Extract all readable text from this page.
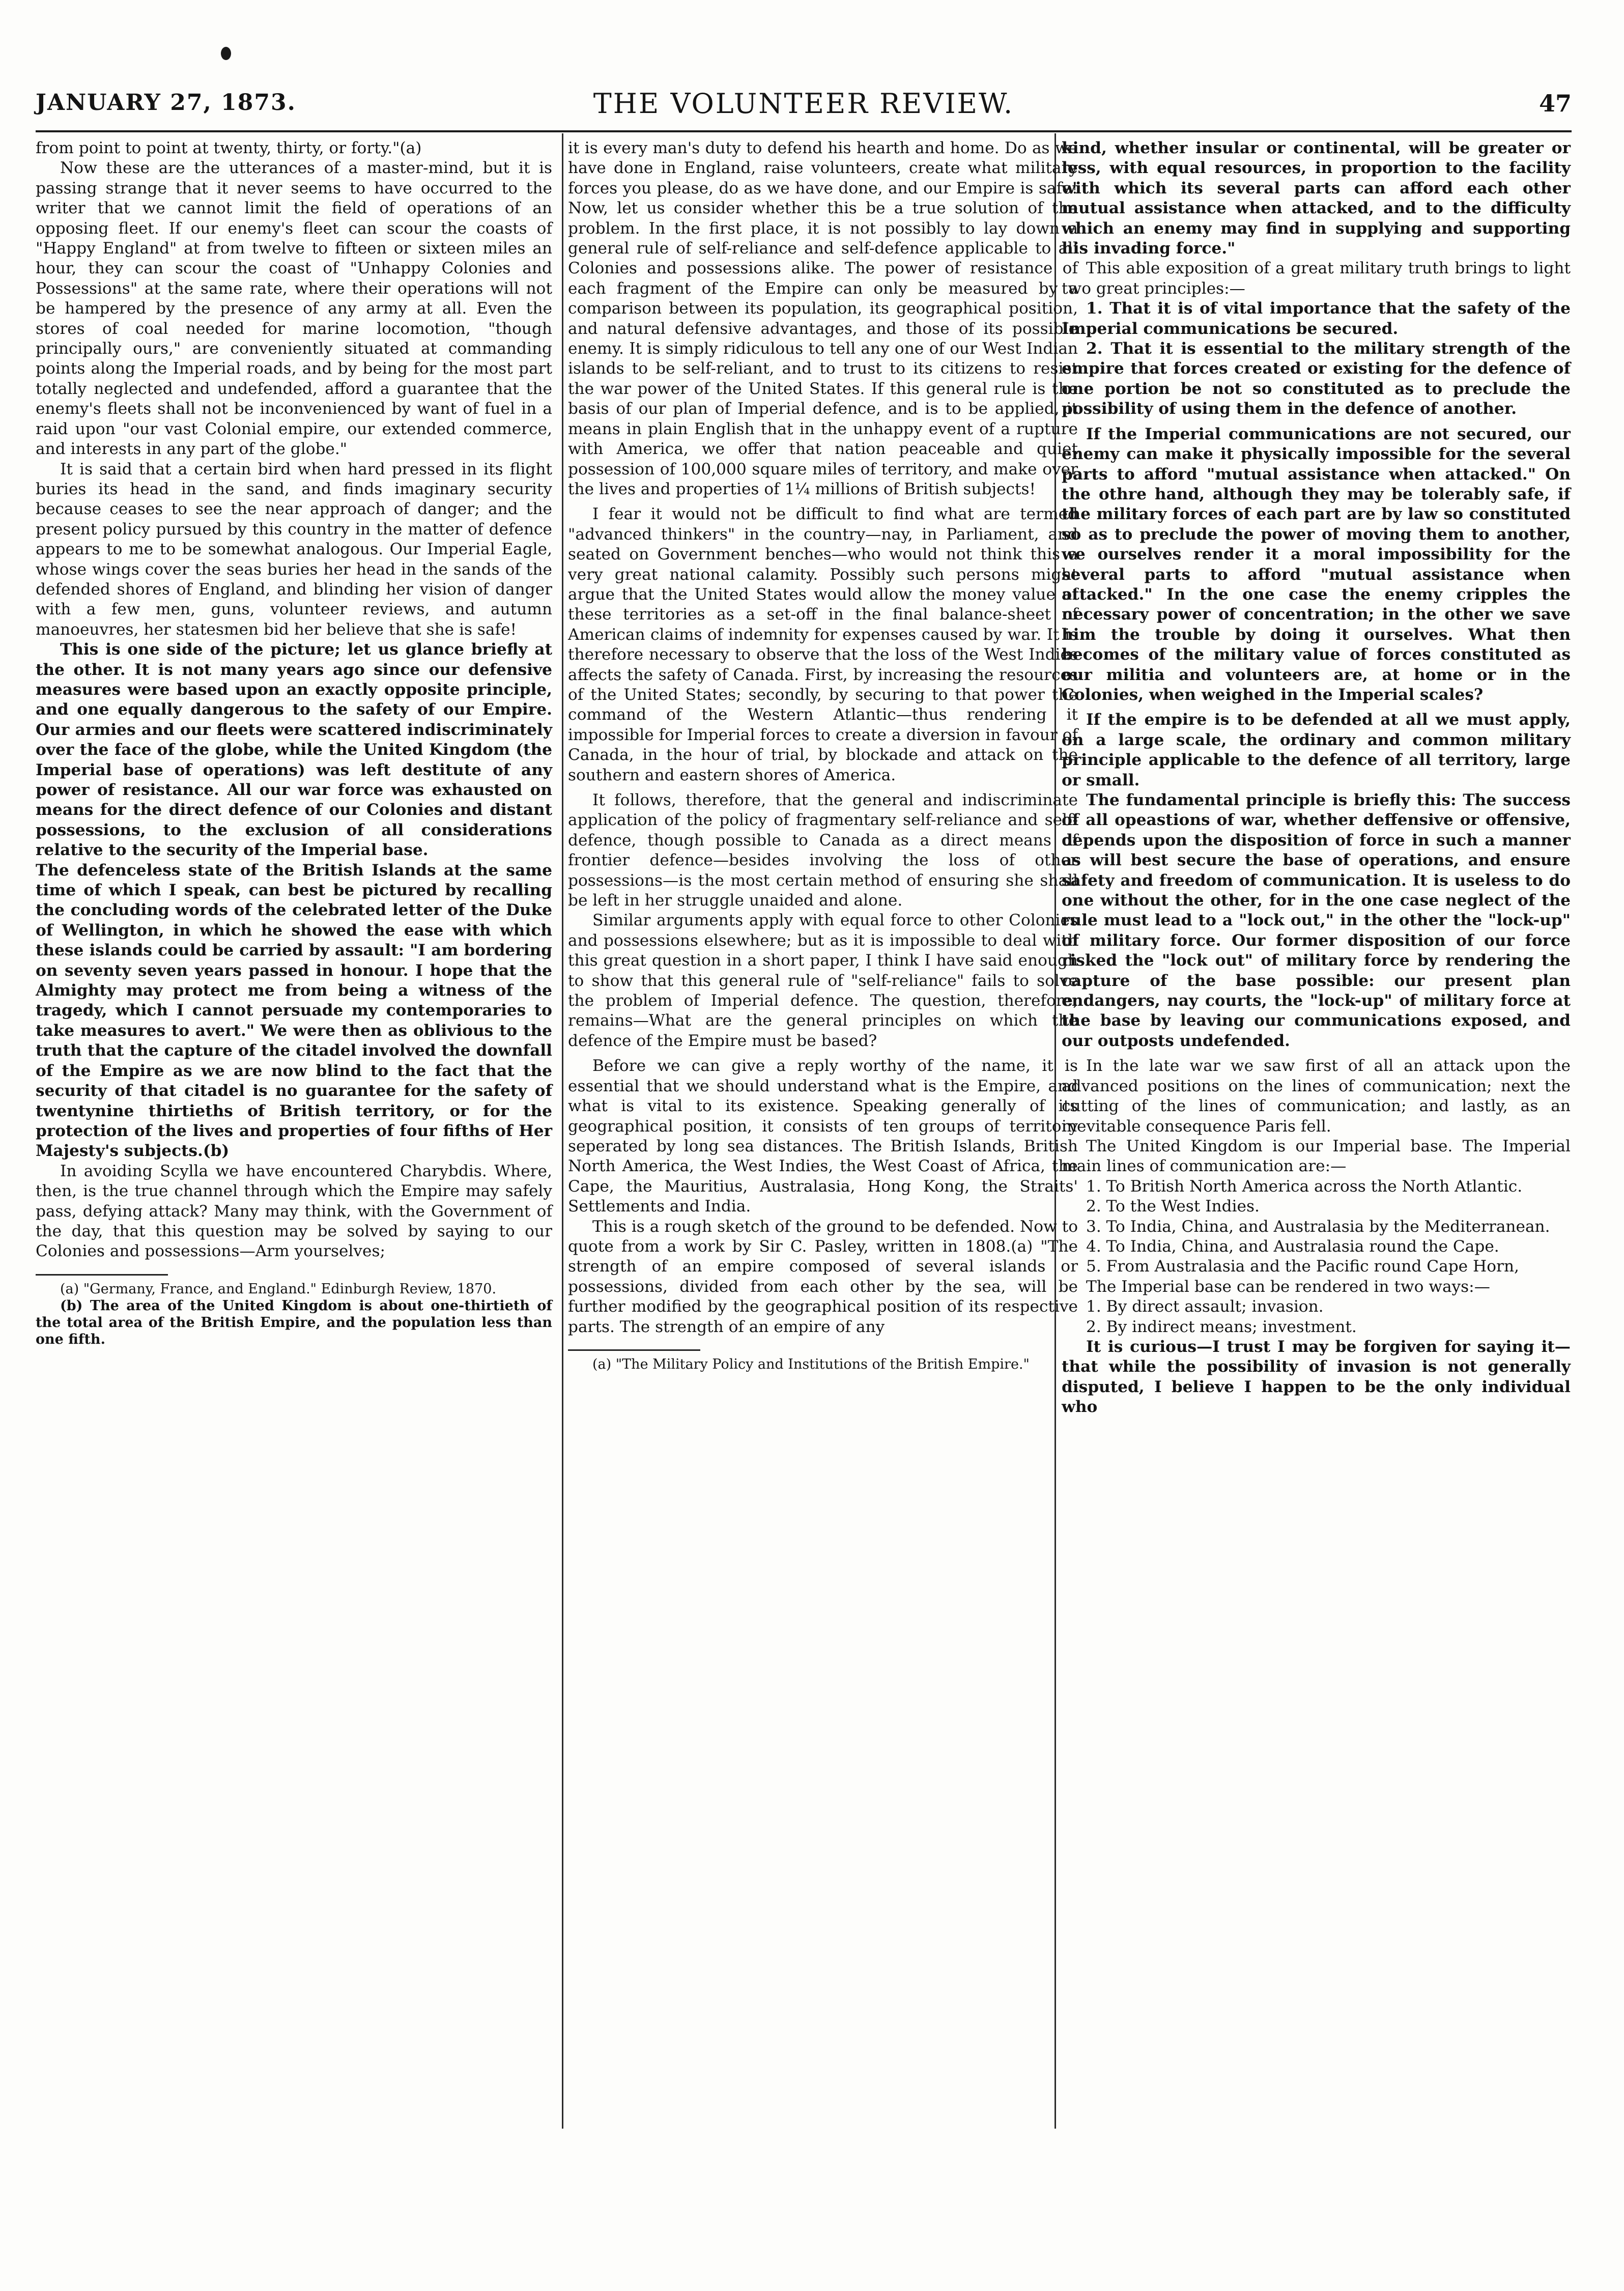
JANUARY 27, 1873.	THE VOLUNTEER REVIEW.	47

from point to point at twenty, thirty, or forty."(a)

Now these are the utterances of a master-mind, but it is passing strange that it never seems to have occurred to the writer that we cannot limit the field of operations of an opposing fleet. If our enemy's fleet can scour the coasts of "Happy England" at from twelve to fifteen or sixteen miles an hour, they can scour the coast of "Unhappy Colonies and Possessions" at the same rate, where their operations will not be hampered by the presence of any army at all. Even the stores of coal needed for marine locomotion, "though principally ours," are conveniently situated at commanding points along the Imperial roads, and by being for the most part totally neglected and undefended, afford a guarantee that the enemy's fleets shall not be inconvenienced by want of fuel in a raid upon "our vast Colonial empire, our extended commerce, and interests in any part of the globe."

It is said that a certain bird when hard pressed in its flight buries its head in the sand, and finds imaginary security because ceases to see the near approach of danger; and the present policy pursued by this country in the matter of defence appears to me to be somewhat analogous. Our Imperial Eagle, whose wings cover the seas buries her head in the sands of the defended shores of England, and blinding her vision of danger with a few men, guns, volunteer reviews, and autumn manoeuvres, her statesmen bid her believe that she is safe!

This is one side of the picture; let us glance briefly at the other. It is not many years ago since our defensive measures were based upon an exactly opposite principle, and one equally dangerous to the safety of our Empire. Our armies and our fleets were scattered indiscriminately over the face of the globe, while the United Kingdom (the Imperial base of operations) was left destitute of any power of resistance. All our war force was exhausted on means for the direct defence of our Colonies and distant possessions, to the exclusion of all considerations relative to the security of the Imperial base.

The defenceless state of the British Islands at the same time of which I speak, can best be pictured by recalling the concluding words of the celebrated letter of the Duke of Wellington, in which he showed the ease with which these islands could be carried by assault: "I am bordering on seventy seven years passed in honour. I hope that the Almighty may protect me from being a witness of the tragedy, which I cannot persuade my contemporaries to take measures to avert." We were then as oblivious to the truth that the capture of the citadel involved the downfall of the Empire as we are now blind to the fact that the security of that citadel is no guarantee for the safety of twentynine thirtieths of British territory, or for the protection of the lives and properties of four fifths of Her Majesty's subjects.(b)

In avoiding Scylla we have encountered Charybdis. Where, then, is the true channel through which the Empire may safely pass, defying attack? Many may think, with the Government of the day, that this question may be solved by saying to our Colonies and possessions—Arm yourselves;

(a) "Germany, France, and England." Edinburgh Review, 1870.

(b) The area of the United Kingdom is about one-thirtieth of the total area of the British Empire, and the population less than one fifth.

it is every man's duty to defend his hearth and home. Do as we have done in England, raise volunteers, create what military forces you please, do as we have done, and our Empire is safe! Now, let us consider whether this be a true solution of the problem. In the first place, it is not possibly to lay down a general rule of self-reliance and self-defence applicable to all Colonies and possessions alike. The power of resistance of each fragment of the Empire can only be measured by a comparison between its population, its geographical position, and natural defensive advantages, and those of its possible enemy. It is simply ridiculous to tell any one of our West Indian islands to be self-reliant, and to trust to its citizens to resist the war power of the United States. If this general rule is the basis of our plan of Imperial defence, and is to be applied, it means in plain English that in the unhappy event of a rupture with America, we offer that nation peaceable and quiet possession of 100,000 square miles of territory, and make over the lives and properties of 1¼ millions of British subjects!

I fear it would not be difficult to find what are termed "advanced thinkers" in the country—nay, in Parliament, and seated on Government benches—who would not think this a very great national calamity. Possibly such persons might argue that the United States would allow the money value of these territories as a set-off in the final balance-sheet of American claims of indemnity for expenses caused by war. It is therefore necessary to observe that the loss of the West Indies affects the safety of Canada. First, by increasing the resources of the United States; secondly, by securing to that power the command of the Western Atlantic—thus rendering it impossible for Imperial forces to create a diversion in favour of Canada, in the hour of trial, by blockade and attack on the southern and eastern shores of America.

It follows, therefore, that the general and indiscriminate application of the policy of fragmentary self-reliance and self-defence, though possible to Canada as a direct means of frontier defence—besides involving the loss of other possessions—is the most certain method of ensuring she shall be left in her struggle unaided and alone.

Similar arguments apply with equal force to other Colonies and possessions elsewhere; but as it is impossible to deal with this great question in a short paper, I think I have said enough to show that this general rule of "self-reliance" fails to solve the problem of Imperial defence. The question, therefore, remains—What are the general principles on which the defence of the Empire must be based?

Before we can give a reply worthy of the name, it is essential that we should understand what is the Empire, and what is vital to its existence. Speaking generally of its geographical position, it consists of ten groups of territory seperated by long sea distances. The British Islands, British North America, the West Indies, the West Coast of Africa, the Cape, the Mauritius, Australasia, Hong Kong, the Straits' Settlements and India.

This is a rough sketch of the ground to be defended. Now to quote from a work by Sir C. Pasley, written in 1808.(a) "The strength of an empire composed of several islands or possessions, divided from each other by the sea, will be further modified by the geographical position of its respective parts. The strength of an empire of any

(a) "The Military Policy and Institutions of the British Empire."

kind, whether insular or continental, will be greater or less, with equal resources, in proportion to the facility with which its several parts can afford each other mutual assistance when attacked, and to the difficulty which an enemy may find in supplying and supporting his invading force."

This able exposition of a great military truth brings to light two great principles:—

1. That it is of vital importance that the safety of the Imperial communications be secured.

2. That it is essential to the military strength of the empire that forces created or existing for the defence of one portion be not so constituted as to preclude the possibility of using them in the defence of another.

If the Imperial communications are not secured, our enemy can make it physically impossible for the several parts to afford "mutual assistance when attacked." On the othre hand, although they may be tolerably safe, if the military forces of each part are by law so constituted so as to preclude the power of moving them to another, we ourselves render it a moral impossibility for the several parts to afford "mutual assistance when attacked." In the one case the enemy cripples the necessary power of concentration; in the other we save him the trouble by doing it ourselves. What then becomes of the military value of forces constituted as our militia and volunteers are, at home or in the Colonies, when weighed in the Imperial scales?

If the empire is to be defended at all we must apply, on a large scale, the ordinary and common military principle applicable to the defence of all territory, large or small.

The fundamental principle is briefly this: The success of all opeastions of war, whether deffensive or offensive, depends upon the disposition of force in such a manner as will best secure the base of operations, and ensure safety and freedom of communication. It is useless to do one without the other, for in the one case neglect of the rule must lead to a "lock out," in the other the "lock-up" of military force. Our former disposition of our force risked the "lock out" of military force by rendering the capture of the base possible: our present plan endangers, nay courts, the "lock-up" of military force at the base by leaving our communications exposed, and our outposts undefended.

In the late war we saw first of all an attack upon the advanced positions on the lines of communication; next the cutting of the lines of communication; and lastly, as an inevitable consequence Paris fell.

The United Kingdom is our Imperial base. The Imperial main lines of communication are:—

1. To British North America across the North Atlantic.

2. To the West Indies.

3. To India, China, and Australasia by the Mediterranean.

4. To India, China, and Australasia round the Cape.

5. From Australasia and the Pacific round Cape Horn,

The Imperial base can be rendered in two ways:—

1. By direct assault; invasion.

2. By indirect means; investment.

It is curious—I trust I may be forgiven for saying it—that while the possibility of invasion is not generally disputed, I believe I happen to be the only individual who
